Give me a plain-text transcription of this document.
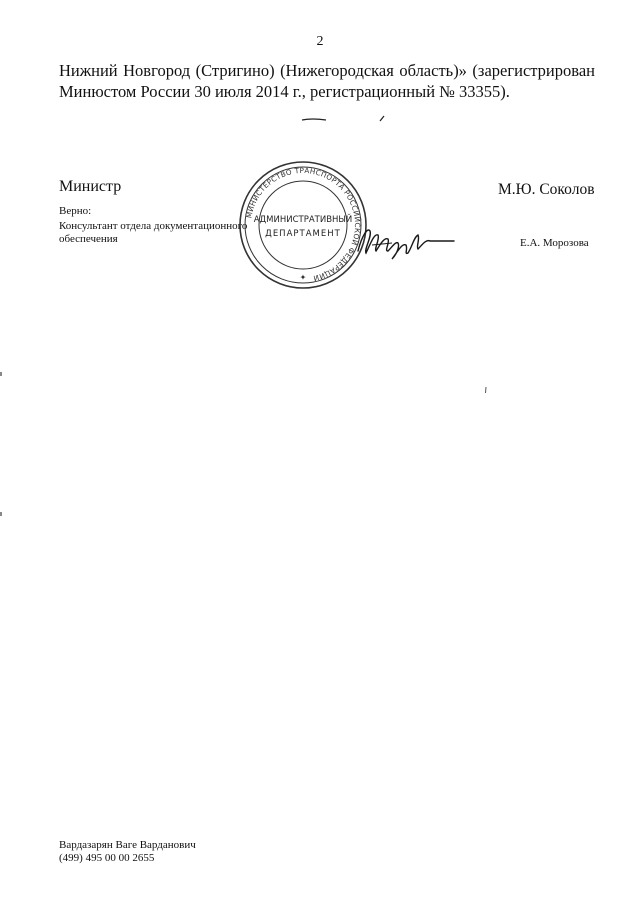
2
Нижний Новгород (Стригино) (Нижегородская область)» (зарегистрирован
Минюстом России 30 июля 2014 г., регистрационный № 33355).
Министр	М.Ю. Соколов
Верно:
Консультант отдела документационного
обеспечения	Е.А. Морозова
МИНИСТЕРСТВО ТРАНСПОРТА РОССИЙСКОЙ ФЕДЕРАЦИИ
✦
АДМИНИСТРАТИВНЫЙ
ДЕПАРТАМЕНТ
Вардазарян Ваге Варданович
(499) 495 00 00 2655
